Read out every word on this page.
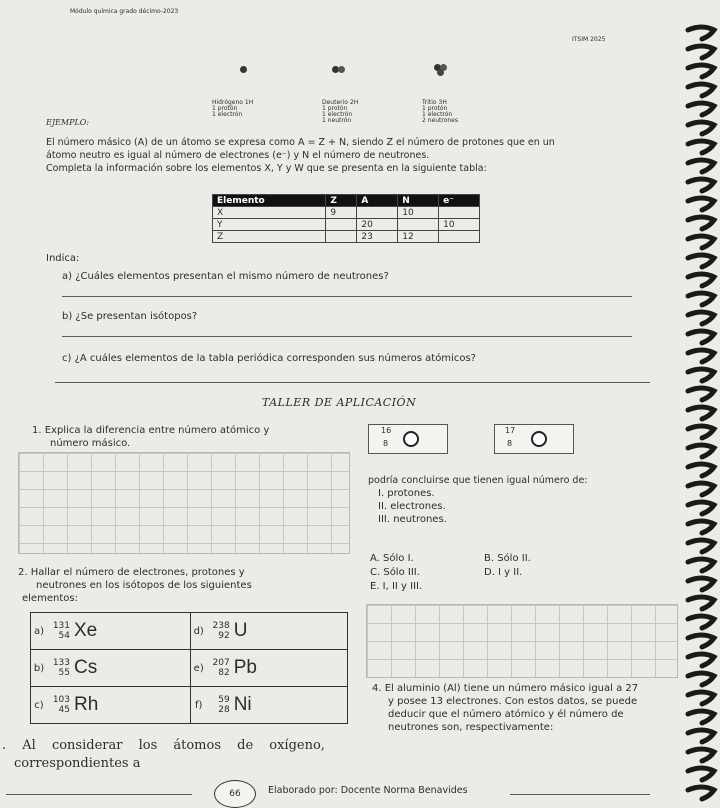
Módulo química grado décimo-2023
ITSIM 2025
Hidrógeno 1H
1 protón
1 electrón
Deuterio 2H
1 protón
1 electrón
1 neutrón
Tritio 3H
1 protón
1 electrón
2 neutrones
EJEMPLO:
El número másico (A) de un átomo se expresa como A = Z + N, siendo Z el número de protones que en un
átomo neutro es igual al número de electrones (e⁻) y N el número de neutrones.
Completa la información sobre los elementos X, Y y W que se presenta en la siguiente tabla:
Elemento	Z	A	N	e⁻
X	9		10	
Y		20		10
Z		23	12	
Indica:
a) ¿Cuáles elementos presentan el mismo número de neutrones?
b) ¿Se presentan isótopos?
c) ¿A cuáles elementos de la tabla periódica corresponden sus números atómicos?
TALLER DE APLICACIÓN
1. Explica la diferencia entre número atómico y
número másico.
16
8
17
8
podría concluirse que tienen igual número de:
I. protones.
II. electrones.
III. neutrones.
A. Sólo I.	B. Sólo II.
C. Sólo III.	D. I y II.
E. I, II y III.
2. Hallar el número de electrones, protones y
neutrones en los isótopos de los siguientes
elementos:
a) 131
54 Xe	d) 238
92 U

b) 133
55 Cs	e) 207
82 Pb

c) 103
45 Rh	f) 59
28 Ni
4. El aluminio (Al) tiene un número másico igual a 27
y posee 13 electrones. Con estos datos, se puede
deducir que el número atómico y él número de
neutrones son, respectivamente:
. Al considerar los átomos de oxígeno,
correspondientes a
66	Elaborado por: Docente Norma Benavides
